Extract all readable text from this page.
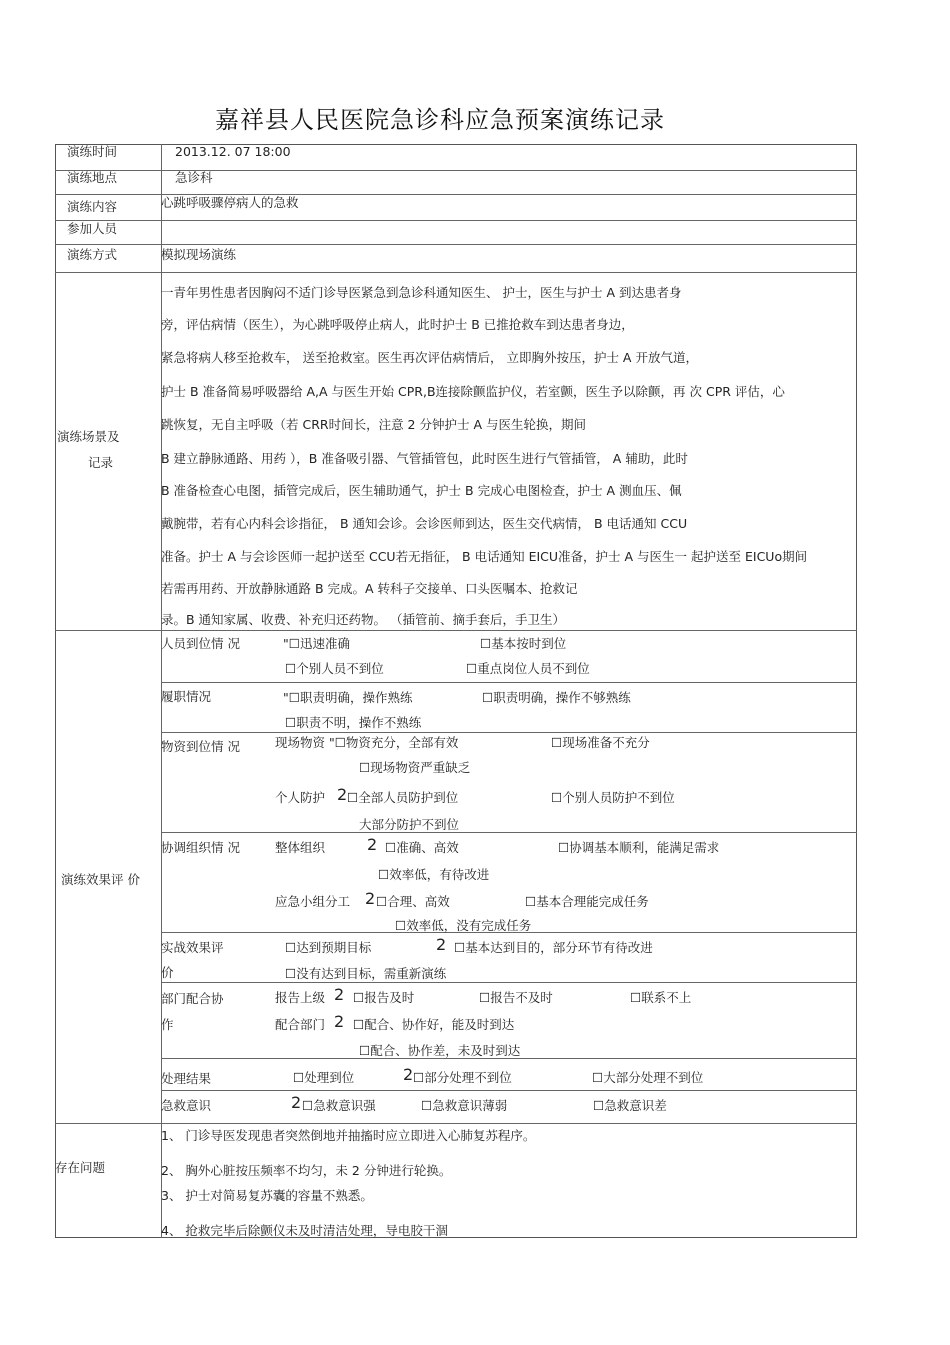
嘉祥县人民医院急诊科应急预案演练记录
演练时间	2013.12. 07 18:00
演练地点	急诊科
演练内容	心跳呼吸骤停病人的急救
参加人员
演练方式	模拟现场演练
演练场景及
记录
一青年男性患者因胸闷不适门诊导医紧急到急诊科通知医生、 护士，医生与护士 A 到达患者身
旁，评估病情（医生），为心跳呼吸停止病人，此时护士 B 已推抢救车到达患者身边，
紧急将病人移至抢救车， 送至抢救室。医生再次评估病情后， 立即胸外按压，护士 A 开放气道，
护士 B 准备简易呼吸器给 A,A 与医生开始 CPR,B连接除颤监护仪，若室颤，医生予以除颤，再 次 CPR 评估，心
跳恢复，无自主呼吸（若 CRR时间长，注意 2 分钟护士 A 与医生轮换，期间
B 建立静脉通路、用药 ），B 准备吸引器、气管插管包，此时医生进行气管插管， A 辅助，此时
B 准备检查心电图，插管完成后，医生辅助通气，护士 B 完成心电图检查，护士 A 测血压、佩
戴腕带，若有心内科会诊指征， B 通知会诊。会诊医师到达，医生交代病情， B 电话通知 CCU
准备。护士 A 与会诊医师一起护送至 CCU若无指征， B 电话通知 EICU准备，护士 A 与医生一 起护送至 EICUo期间
若需再用药、开放静脉通路 B 完成。A 转科子交接单、口头医嘱本、抢救记
录。B 通知家属、收费、补充归还药物。 （插管前、摘手套后，手卫生）
演练效果评 价
人员到位情 况	"☐迅速准确	☐基本按时到位
☐个别人员不到位	☐重点岗位人员不到位
履职情况	"☐职责明确，操作熟练	☐职责明确，操作不够熟练
☐职责不明，操作不熟练
物资到位情 况	现场物资 "☐物资充分，全部有效	☐现场准备不充分
☐现场物资严重缺乏
个人防护 2 ☐全部人员防护到位	☐个别人员防护不到位
大部分防护不到位
协调组织情 况	整体组织	2 ☐准确、高效	☐协调基本顺利，能满足需求
☐效率低，有待改进
应急小组分工 2 ☐合理、高效	☐基本合理能完成任务
☐效率低，没有完成任务
实战效果评
价
☐达到预期目标	2 ☐基本达到目的，部分环节有待改进
☐没有达到目标，需重新演练
部门配合协
作
报告上级 2 ☐报告及时	☐报告不及时	☐联系不上
配合部门 2 ☐配合、协作好，能及时到达
☐配合、协作差，未及时到达
处理结果	☐处理到位	2 ☐部分处理不到位	☐大部分处理不到位
急救意识	2 ☐急救意识强	☐急救意识薄弱	☐急救意识差
存在问题
1、 门诊导医发现患者突然倒地并抽搐时应立即进入心肺复苏程序。
2、 胸外心脏按压频率不均匀，未 2 分钟进行轮换。
3、 护士对简易复苏囊的容量不熟悉。
4、 抢救完毕后除颤仪未及时清洁处理，导电胶干涸
